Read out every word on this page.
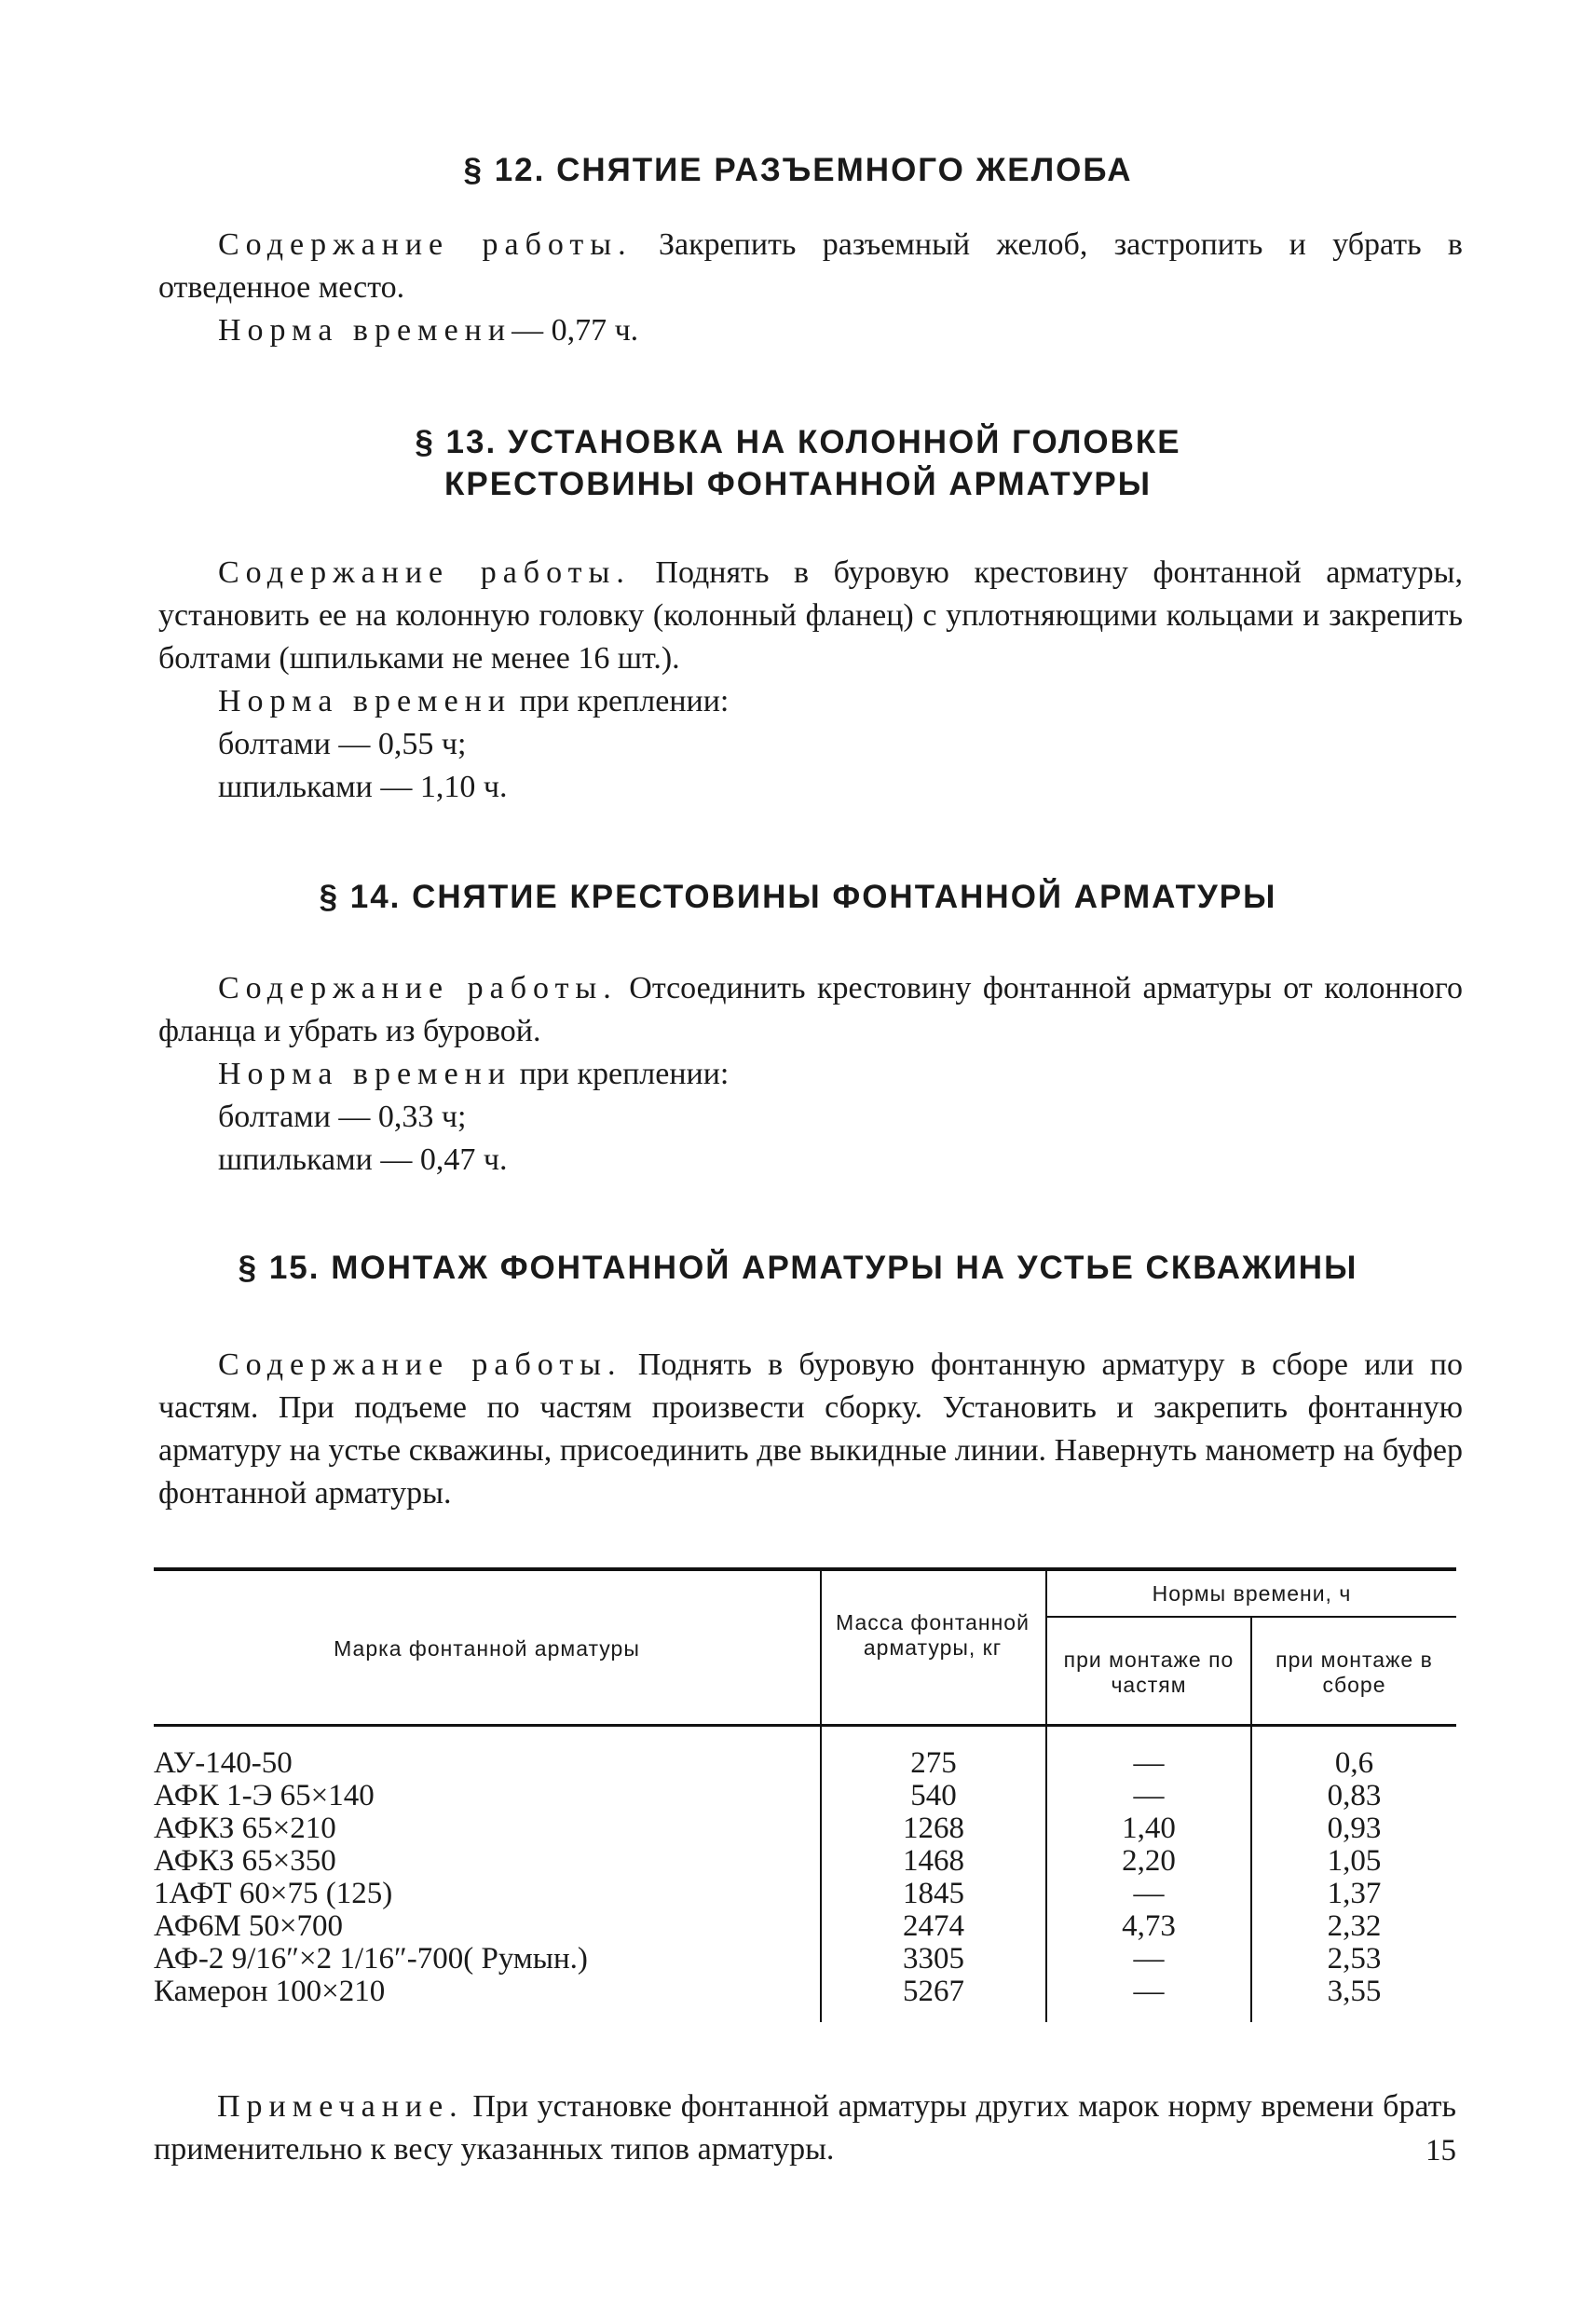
§ 12. СНЯТИЕ РАЗЪЕМНОГО ЖЕЛОБА

Содержание работы. Закрепить разъемный желоб, застропить и убрать в отведенное место.

Норма времени— 0,77 ч.
§ 13. УСТАНОВКА НА КОЛОННОЙ ГОЛОВКЕ
КРЕСТОВИНЫ ФОНТАННОЙ АРМАТУРЫ

Содержание работы. Поднять в буровую крестовину фонтанной арматуры, установить ее на колонную головку (колонный фланец) с уплотняющими кольцами и закрепить болтами (шпильками не менее 16 шт.).

Норма времени при креплении:
болтами — 0,55 ч;
шпильками — 1,10 ч.
§ 14. СНЯТИЕ КРЕСТОВИНЫ ФОНТАННОЙ АРМАТУРЫ

Содержание работы. Отсоединить крестовину фонтанной арматуры от колонного фланца и убрать из буровой.

Норма времени при креплении:
болтами — 0,33 ч;
шпильками — 0,47 ч.
§ 15. МОНТАЖ ФОНТАННОЙ АРМАТУРЫ НА УСТЬЕ СКВАЖИНЫ

Содержание работы. Поднять в буровую фонтанную арматуру в сборе или по частям. При подъеме по частям произвести сборку. Установить и закрепить фонтанную арматуру на устье скважины, присоединить две выкидные линии. Навернуть манометр на буфер фонтанной арматуры.

Марка фонтанной арматуры
Масса фонтанной арматуры, кг
Нормы времени, ч
при монтаже по частям
при монтаже в сборе
АУ-140-50	275	—	0,6
АФК 1-Э 65×140	540	—	0,83
АФКЗ 65×210	1268	1,40	0,93
АФКЗ 65×350	1468	2,20	1,05
1АФТ 60×75 (125)	1845	—	1,37
АФ6М 50×700	2474	4,73	2,32
АФ-2 9/16″×2 1/16″-700( Румын.)	3305	—	2,53
Камерон 100×210	5267	—	3,55

Примечание. При установке фонтанной арматуры других марок норму времени брать применительно к весу указанных типов арматуры.	15
